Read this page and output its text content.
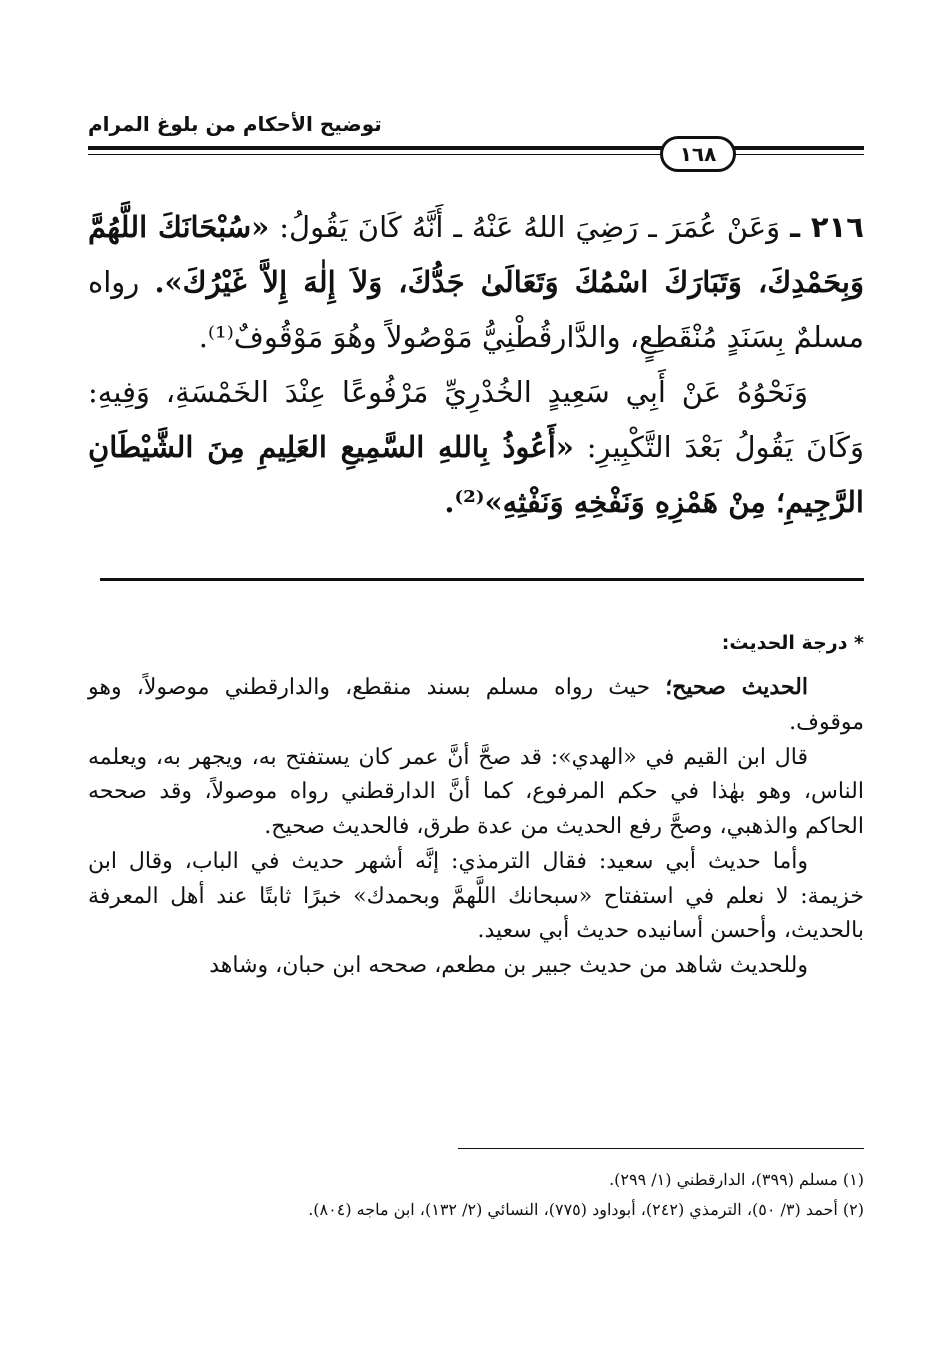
توضيح الأحكام من بلوغ المرام
١٦٨

٢١٦ ـ وَعَنْ عُمَرَ ـ رَضِيَ اللهُ عَنْهُ ـ أَنَّهُ كَانَ يَقُولُ: «سُبْحَانَكَ اللَّهُمَّ وَبِحَمْدِكَ، وَتَبَارَكَ اسْمُكَ وَتَعَالَىٰ جَدُّكَ، وَلاَ إِلٰهَ إِلاَّ غَيْرُكَ». رواه مسلمٌ بِسَنَدٍ مُنْقَطِعٍ، والدَّارقُطْنِيُّ مَوْصُولاً وهُوَ مَوْقُوفٌ⁽¹⁾.

وَنَحْوُهُ عَنْ أَبِي سَعِيدٍ الخُدْرِيِّ مَرْفُوعًا عِنْدَ الخَمْسَةِ، وَفِيهِ: وَكَانَ يَقُولُ بَعْدَ التَّكْبِيرِ: «أَعُوذُ بِاللهِ السَّمِيعِ العَلِيمِ مِنَ الشَّيْطَانِ الرَّجِيمِ؛ مِنْ هَمْزِهِ وَنَفْخِهِ وَنَفْثِهِ»⁽²⁾.

* درجة الحديث:

الحديث صحيح؛ حيث رواه مسلم بسند منقطع، والدارقطني موصولاً، وهو موقوف.

قال ابن القيم في «الهدي»: قد صحَّ أنَّ عمر كان يستفتح به، ويجهر به، ويعلمه الناس، وهو بهٰذا في حكم المرفوع، كما أنَّ الدارقطني رواه موصولاً، وقد صححه الحاكم والذهبي، وصحَّ رفع الحديث من عدة طرق، فالحديث صحيح.

وأما حديث أبي سعيد: فقال الترمذي: إنَّه أشهر حديث في الباب، وقال ابن خزيمة: لا نعلم في استفتاح «سبحانك اللَّهمَّ وبحمدك» خبرًا ثابتًا عند أهل المعرفة بالحديث، وأحسن أسانيده حديث أبي سعيد.

وللحديث شاهد من حديث جبير بن مطعم، صححه ابن حبان، وشاهد

(١) مسلم (٣٩٩)، الدارقطني (١/ ٢٩٩).

(٢) أحمد (٣/ ٥٠)، الترمذي (٢٤٢)، أبوداود (٧٧٥)، النسائي (٢/ ١٣٢)، ابن ماجه (٨٠٤).
